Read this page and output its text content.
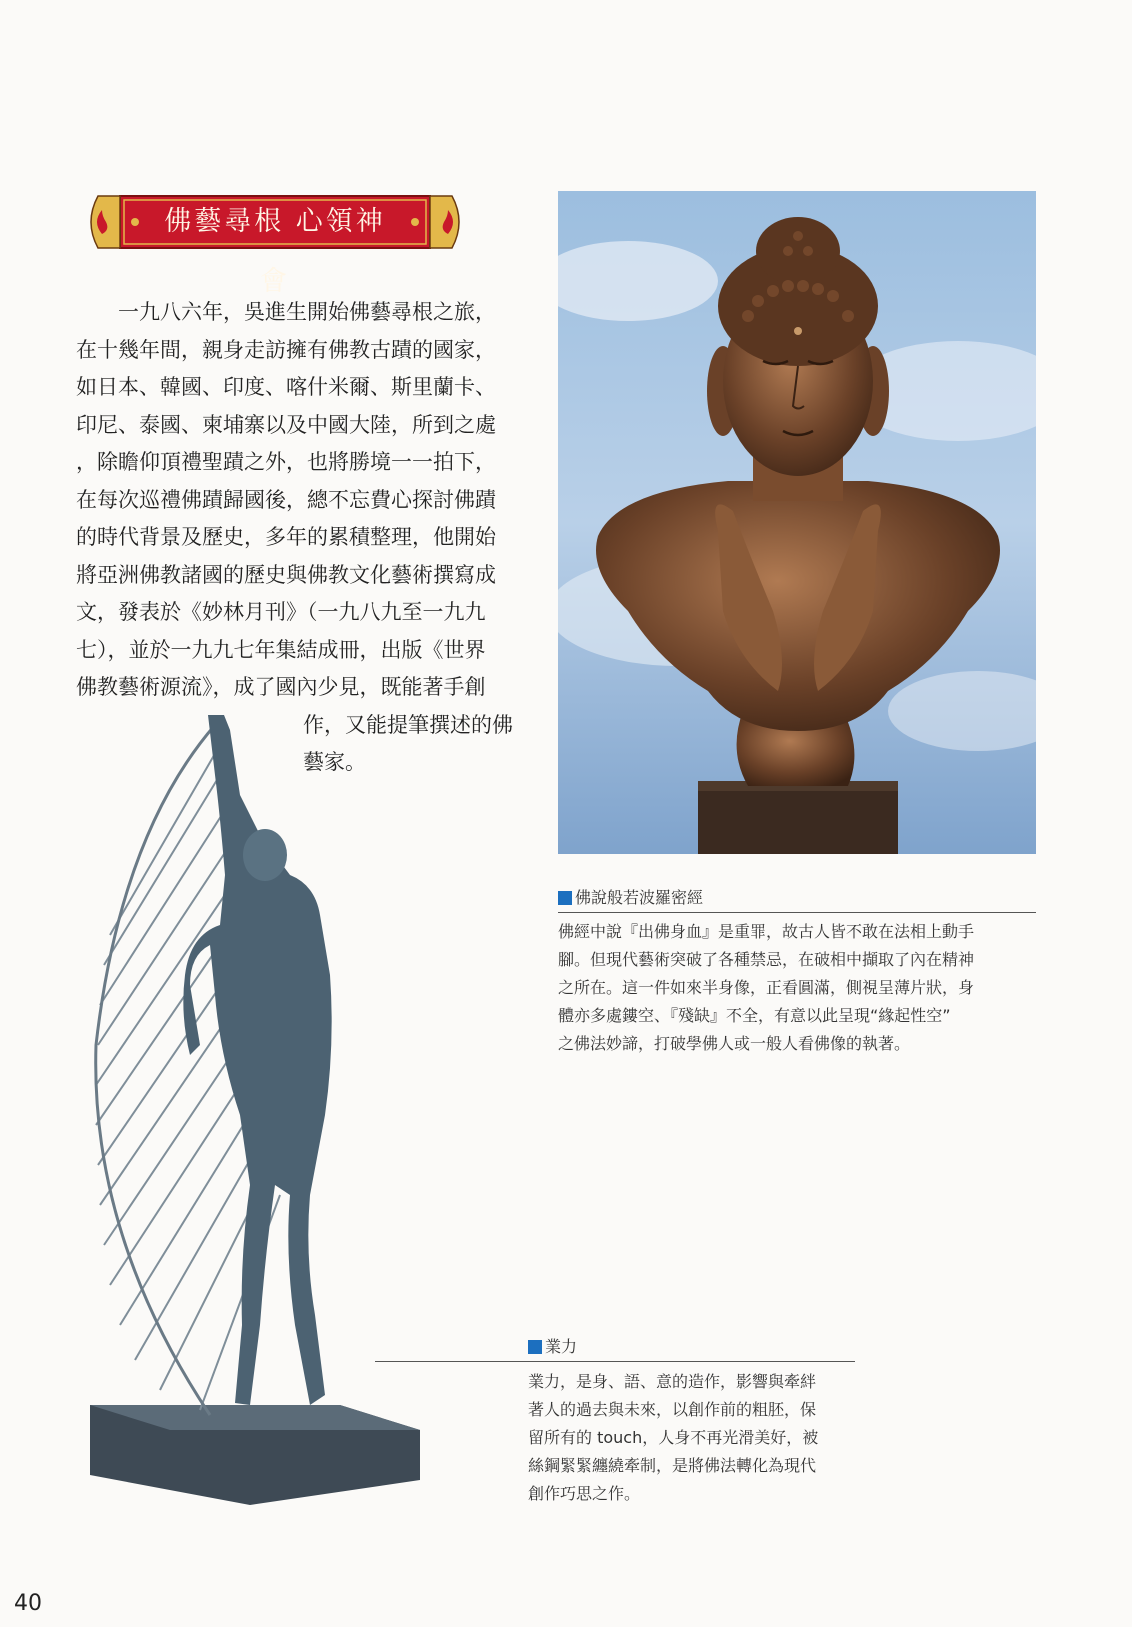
佛藝尋根 心領神會
一九八六年，吳進生開始佛藝尋根之旅，
在十幾年間，親身走訪擁有佛教古蹟的國家，
如日本、韓國、印度、喀什米爾、斯里蘭卡、
印尼、泰國、柬埔寨以及中國大陸，所到之處
，除瞻仰頂禮聖蹟之外，也將勝境一一拍下，
在每次巡禮佛蹟歸國後，總不忘費心探討佛蹟
的時代背景及歷史，多年的累積整理，他開始
將亞洲佛教諸國的歷史與佛教文化藝術撰寫成
文，發表於《妙林月刊》（一九八九至一九九
七），並於一九九七年集結成冊，出版《世界
佛教藝術源流》，成了國內少見，既能著手創
作，又能提筆撰述的佛
藝家。
佛說般若波羅密經
佛經中說『出佛身血』是重罪，故古人皆不敢在法相上動手
腳。但現代藝術突破了各種禁忌，在破相中擷取了內在精神
之所在。這一件如來半身像，正看圓滿，側視呈薄片狀，身
體亦多處鏤空、『殘缺』不全，有意以此呈現“緣起性空”
之佛法妙諦，打破學佛人或一般人看佛像的執著。
業力
業力，是身、語、意的造作，影響與牽絆
著人的過去與未來，以創作前的粗胚，保
留所有的 touch，人身不再光滑美好，被
絲鋼緊緊纏繞牽制，是將佛法轉化為現代
創作巧思之作。
40
